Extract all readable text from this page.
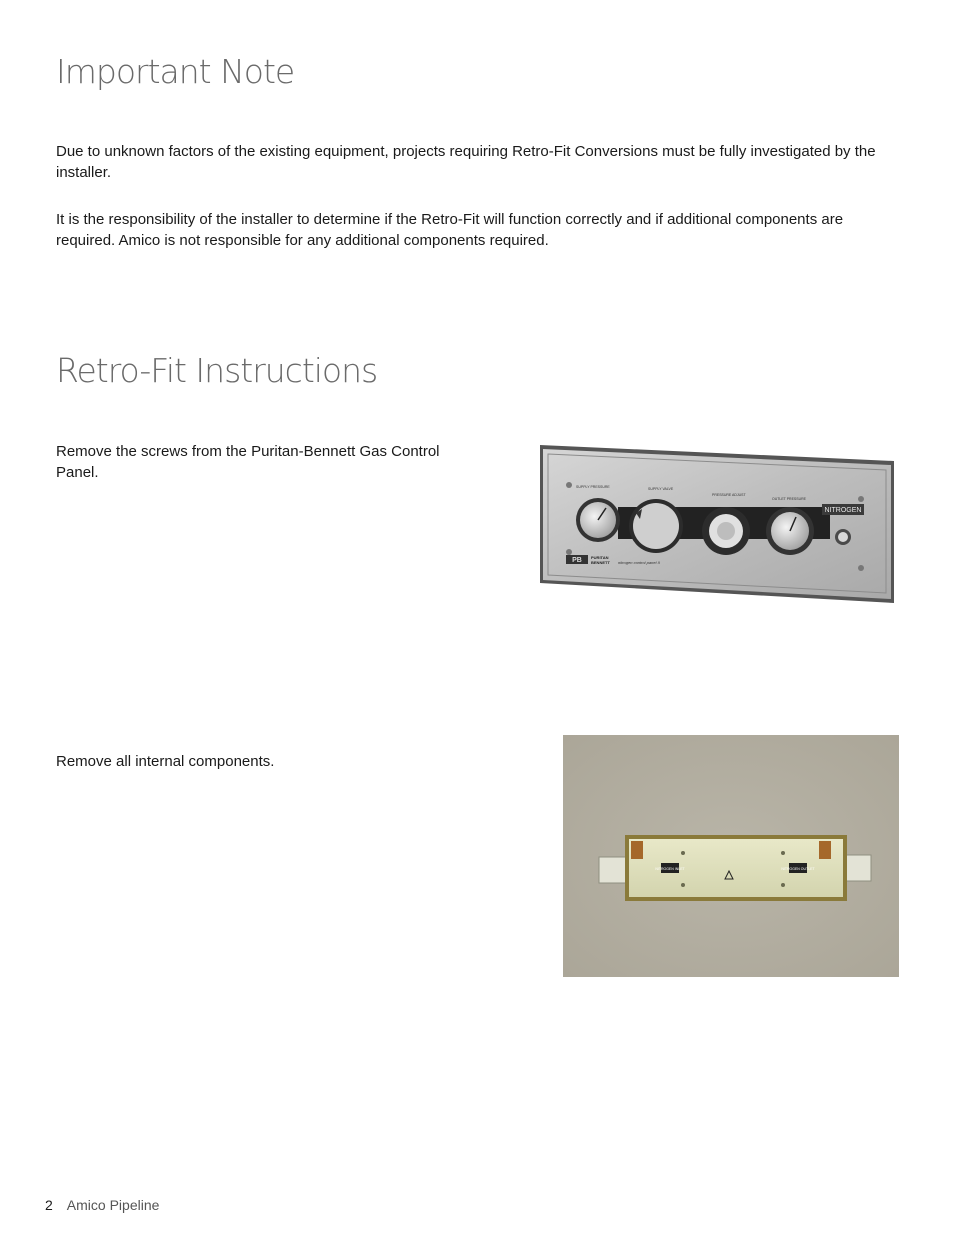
Important Note

Due to unknown factors of the existing equipment, projects requiring Retro-Fit Conversions must be fully investigated by the installer.

It is the responsibility of the installer to determine if the Retro-Fit will function correctly and if additional components are required. Amico is not responsible for any additional components required.

Retro-Fit Instructions

Remove the screws from the Puritan-Bennett Gas Control Panel.

NITROGEN
SUPPLY PRESSURE	SUPPLY VALVE
PRESSURE ADJUST
OUTLET PRESSURE
PB PURITAN
BENNETT nitrogen control panel II

Remove all internal components.

NITROGEN INLET	NITROGEN OUTLET
2 Amico Pipeline
